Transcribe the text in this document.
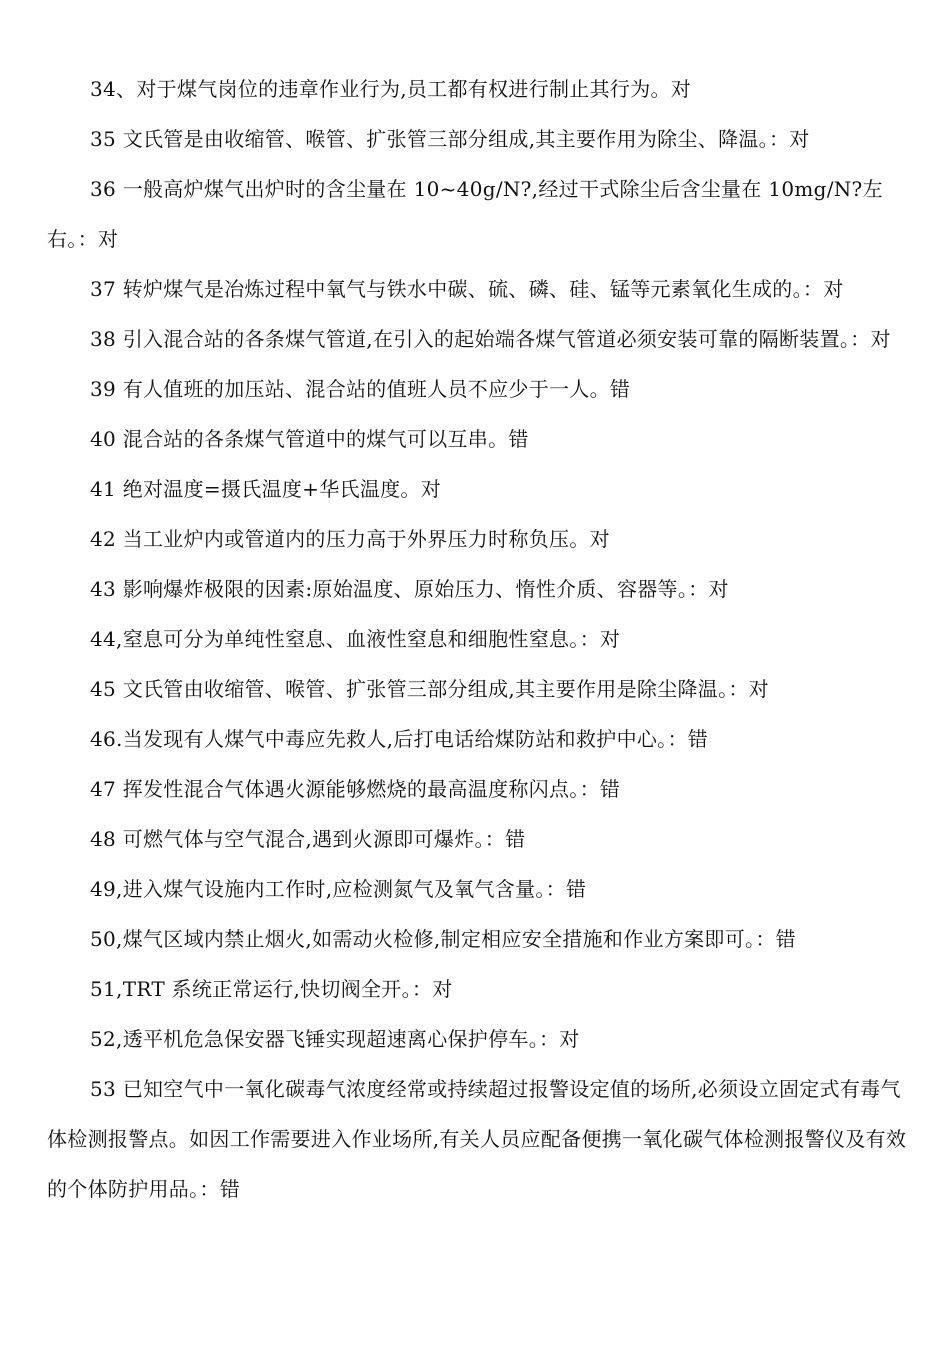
34、对于煤气岗位的违章作业行为,员工都有权进行制止其行为。对

35 文氏管是由收缩管、喉管、扩张管三部分组成,其主要作用为除尘、降温。：对

36 一般高炉煤气出炉时的含尘量在 10~40g/N?,经过干式除尘后含尘量在 10mg/N?左右。：对

37 转炉煤气是冶炼过程中氧气与铁水中碳、硫、磷、硅、锰等元素氧化生成的。：对

38 引入混合站的各条煤气管道,在引入的起始端各煤气管道必须安装可靠的隔断装置。：对

39 有人值班的加压站、混合站的值班人员不应少于一人。错

40 混合站的各条煤气管道中的煤气可以互串。错

41 绝对温度=摄氏温度+华氏温度。对

42 当工业炉内或管道内的压力高于外界压力时称负压。对

43 影响爆炸极限的因素:原始温度、原始压力、惰性介质、容器等。：对

44,窒息可分为单纯性窒息、血液性窒息和细胞性窒息。：对

45 文氏管由收缩管、喉管、扩张管三部分组成,其主要作用是除尘降温。：对

46.当发现有人煤气中毒应先救人,后打电话给煤防站和救护中心。：错

47 挥发性混合气体遇火源能够燃烧的最高温度称闪点。：错

48 可燃气体与空气混合,遇到火源即可爆炸。：错

49,进入煤气设施内工作时,应检测氮气及氧气含量。：错

50,煤气区域内禁止烟火,如需动火检修,制定相应安全措施和作业方案即可。：错

51,TRT 系统正常运行,快切阀全开。：对

52,透平机危急保安器飞锤实现超速离心保护停车。：对

53 已知空气中一氧化碳毒气浓度经常或持续超过报警设定值的场所,必须设立固定式有毒气体检测报警点。如因工作需要进入作业场所,有关人员应配备便携一氧化碳气体检测报警仪及有效的个体防护用品。：错
